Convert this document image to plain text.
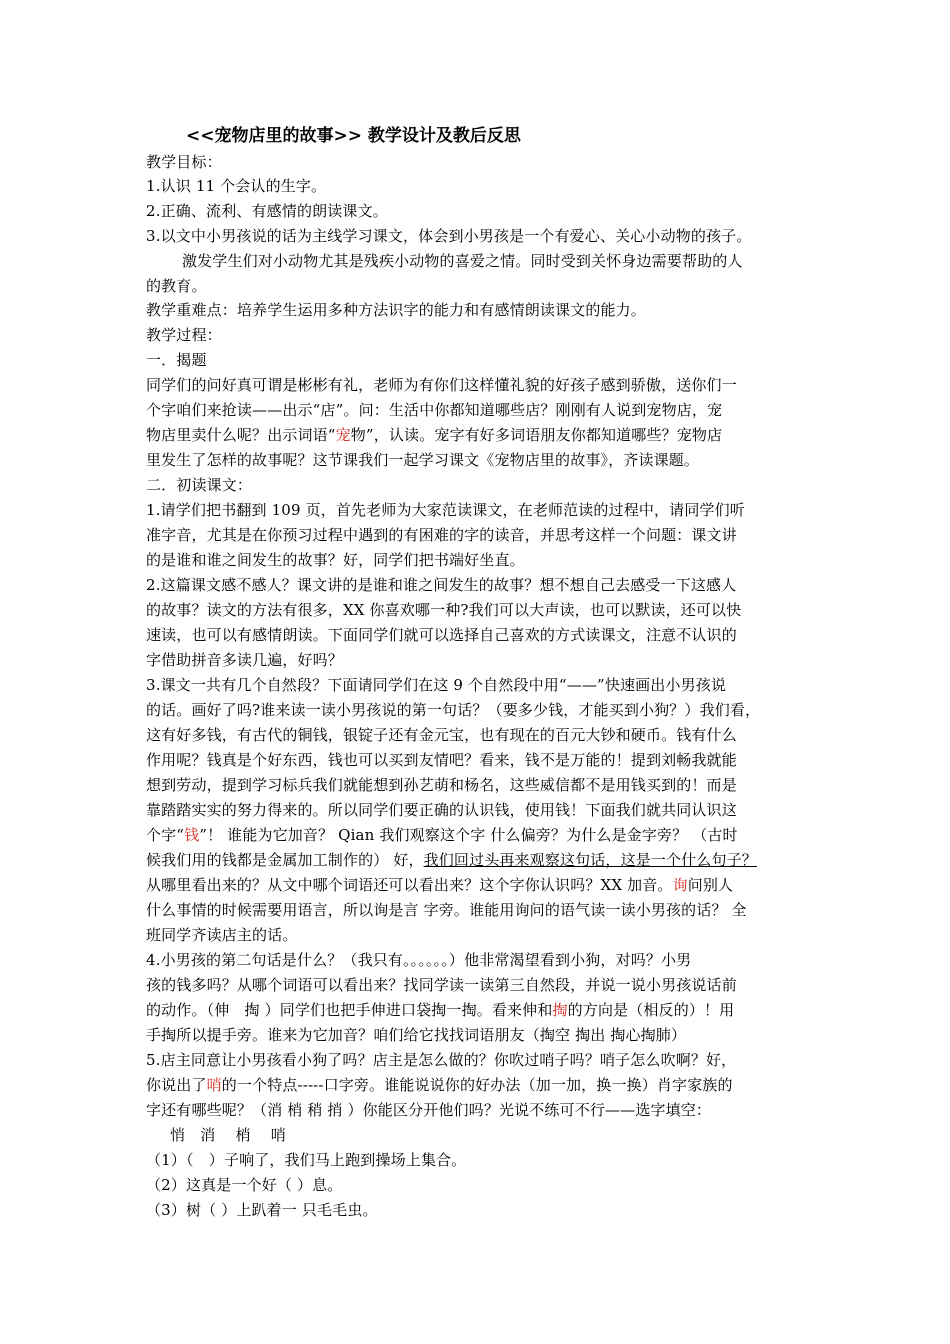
<<宠物店里的故事>> 教学设计及教后反思
教学目标：
1.认识 11 个会认的生字。
2.正确、流利、有感情的朗读课文。
3.以文中小男孩说的话为主线学习课文，体会到小男孩是一个有爱心、关心小动物的孩子。
激发学生们对小动物尤其是残疾小动物的喜爱之情。同时受到关怀身边需要帮助的人
的教育。
教学重难点：培养学生运用多种方法识字的能力和有感情朗读课文的能力。
教学过程：
一．揭题
同学们的问好真可谓是彬彬有礼，老师为有你们这样懂礼貌的好孩子感到骄傲，送你们一
个字咱们来抢读——出示“店”。问：生活中你都知道哪些店？刚刚有人说到宠物店，宠
物店里卖什么呢？出示词语“宠物”，认读。宠字有好多词语朋友你都知道哪些？宠物店
里发生了怎样的故事呢？这节课我们一起学习课文《宠物店里的故事》，齐读课题。
二．初读课文：
1.请学们把书翻到 109 页，首先老师为大家范读课文，在老师范读的过程中，请同学们听
准字音，尤其是在你预习过程中遇到的有困难的字的读音，并思考这样一个问题：课文讲
的是谁和谁之间发生的故事？好，同学们把书端好坐直。
2.这篇课文感不感人？课文讲的是谁和谁之间发生的故事？想不想自己去感受一下这感人
的故事？读文的方法有很多，XX 你喜欢哪一种?我们可以大声读，也可以默读，还可以快
速读，也可以有感情朗读。下面同学们就可以选择自己喜欢的方式读课文，注意不认识的
字借助拼音多读几遍，好吗？
3.课文一共有几个自然段？下面请同学们在这 9 个自然段中用“——”快速画出小男孩说
的话。画好了吗?谁来读一读小男孩说的第一句话？（要多少钱，才能买到小狗？）我们看，
这有好多钱，有古代的铜钱，银锭子还有金元宝，也有现在的百元大钞和硬币。钱有什么
作用呢？钱真是个好东西，钱也可以买到友情吧？看来，钱不是万能的！提到刘畅我就能
想到劳动，提到学习标兵我们就能想到孙艺萌和杨名，这些威信都不是用钱买到的！而是
靠踏踏实实的努力得来的。所以同学们要正确的认识钱，使用钱！下面我们就共同认识这
个字“钱”！ 谁能为它加音？ Qian 我们观察这个字 什么偏旁？为什么是金字旁？ （古时
候我们用的钱都是金属加工制作的） 好，我们回过头再来观察这句话，这是一个什么句子？
从哪里看出来的？从文中哪个词语还可以看出来？这个字你认识吗？XX 加音。询问别人
什么事情的时候需要用语言，所以询是言 字旁。谁能用询问的语气读一读小男孩的话？ 全
班同学齐读店主的话。
4.小男孩的第二句话是什么？（我只有。。。。。。）他非常渴望看到小狗，对吗？小男
孩的钱多吗？从哪个词语可以看出来？找同学读一读第三自然段，并说一说小男孩说话前
的动作。（伸　掏 ）同学们也把手伸进口袋掏一掏。看来伸和掏的方向是（相反的）！用
手掏所以提手旁。谁来为它加音？咱们给它找找词语朋友（掏空 掏出 掏心掏肺）
5.店主同意让小男孩看小狗了吗？店主是怎么做的？你吹过哨子吗？哨子怎么吹啊？好，
你说出了哨的一个特点-----口字旁。谁能说说你的好办法（加一加，换一换）肖字家族的
字还有哪些呢？（消 梢 稍 捎 ）你能区分开他们吗？光说不练可不行——选字填空：
悄　消　 梢　 哨
（1）（　）子响了，我们马上跑到操场上集合。
（2）这真是一个好（ ）息。
（3）树（ ）上趴着一 只毛毛虫。
